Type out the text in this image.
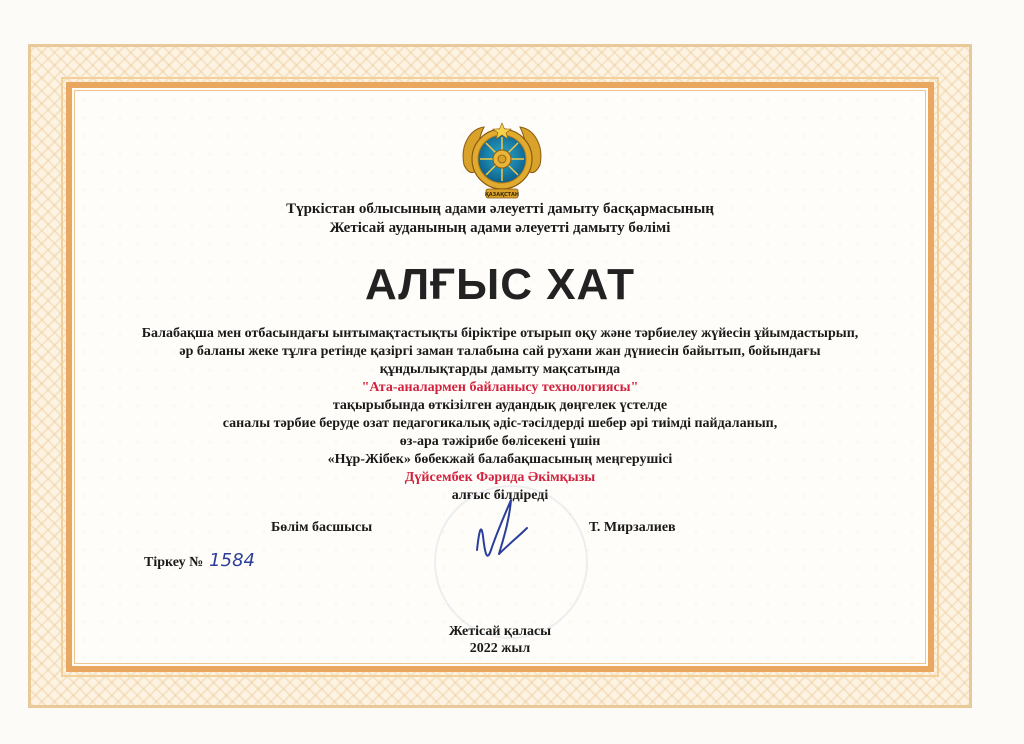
ҚАЗАҚСТАН
Түркістан облысының адами әлеуетті дамыту басқармасының
Жетісай ауданының адами әлеуетті дамыту бөлімі
АЛҒЫС ХАТ
Балабақша мен отбасындағы ынтымақтастықты біріктіре отырып оқу және тәрбиелеу жүйесін ұйымдастырып,
әр баланы жеке тұлға ретінде қазіргі заман талабына сай рухани жан дүниесін байытып, бойындағы
құндылықтарды дамыту мақсатында
"Ата-аналармен байланысу технологиясы"
тақырыбында өткізілген аудандық дөңгелек үстелде
саналы тәрбие беруде озат педагогикалық әдіс-тәсілдерді шебер әрі тиімді пайдаланып,
өз-ара тәжірибе бөлісекені үшін
«Нұр-Жібек» бөбекжай балабақшасының меңгерушісі
Дүйсембек Фәрида Әкімқызы
алғыс білдіреді
Бөлім басшысы	Т. Мирзалиев
Тіркеу № 1584
Жетісай қаласы
2022 жыл
